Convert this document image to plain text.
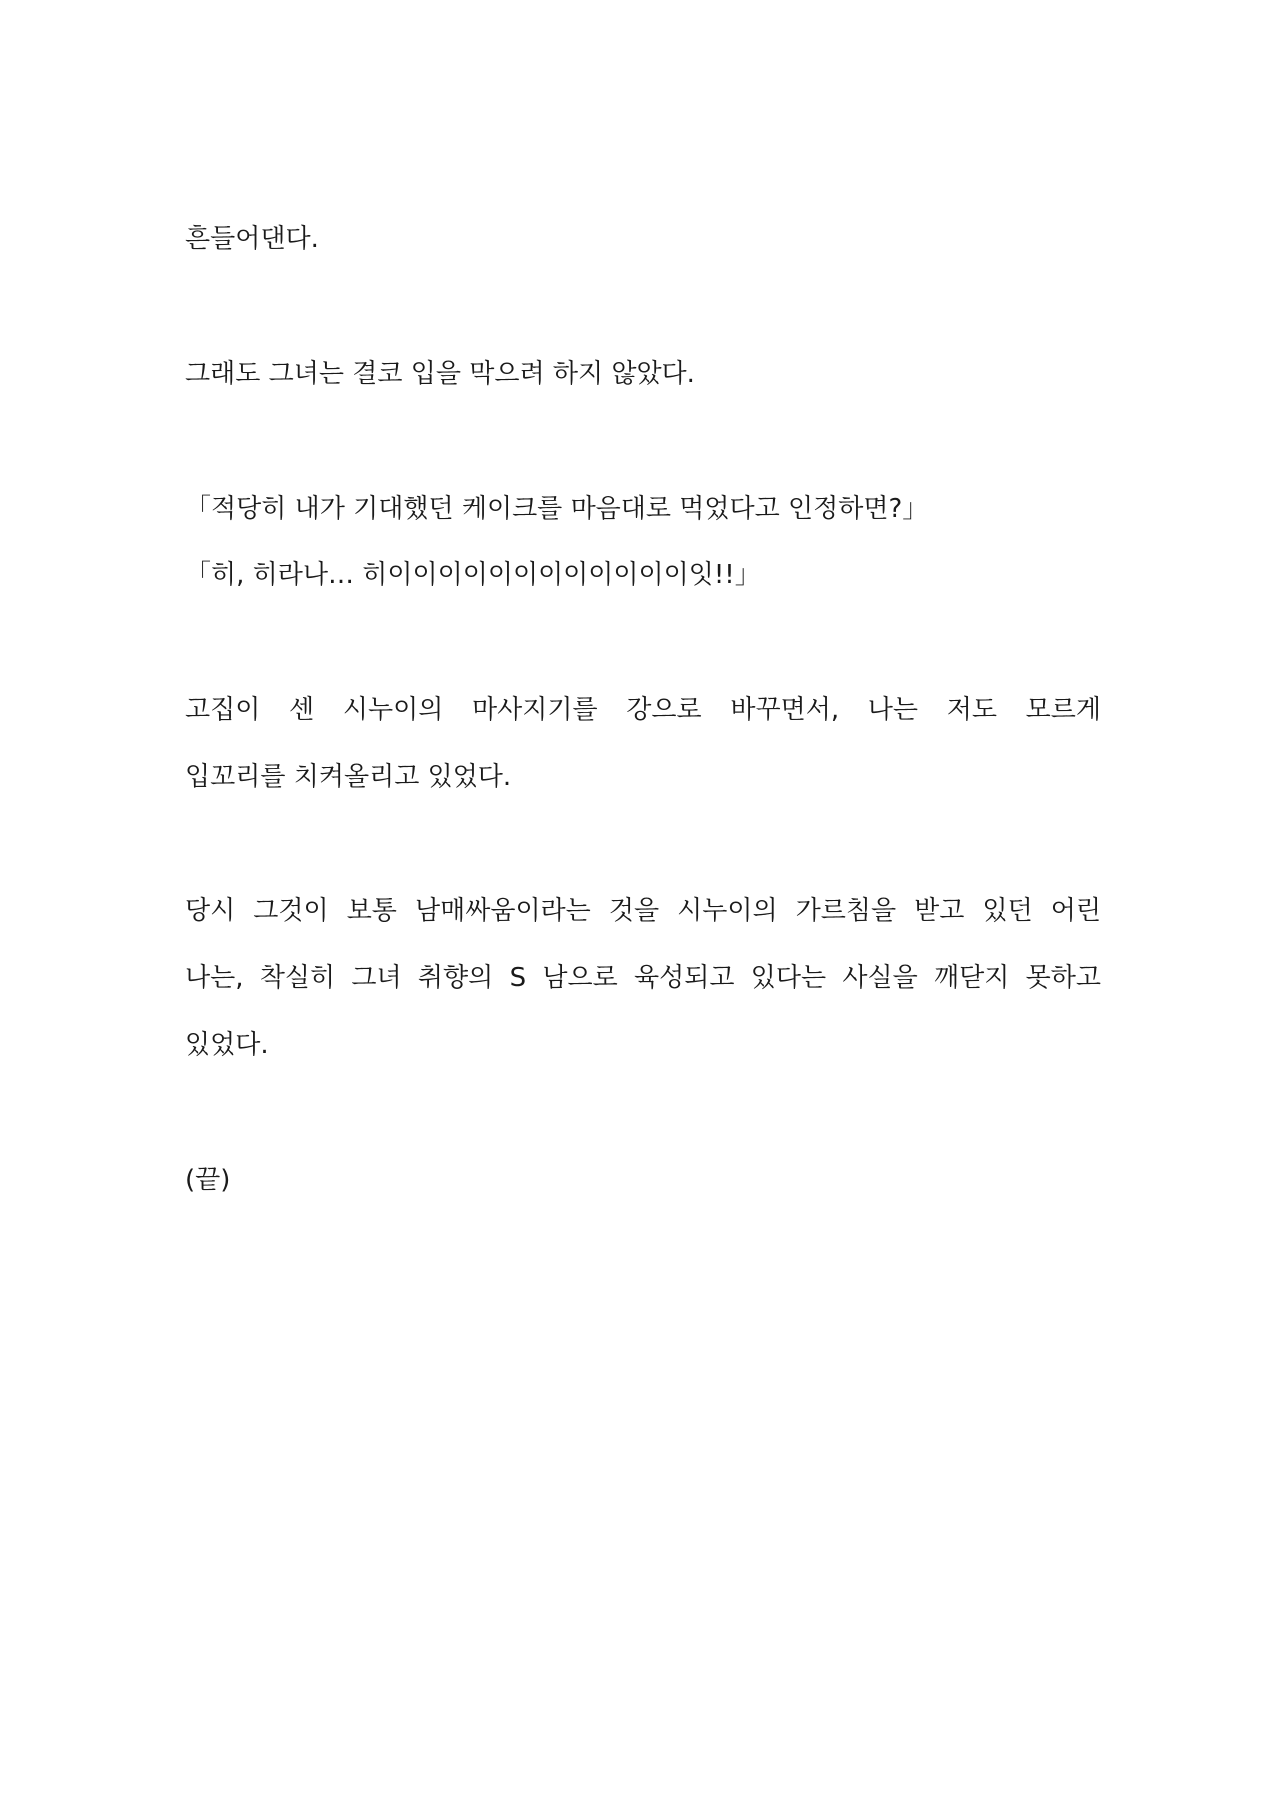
흔들어댄다.
그래도 그녀는 결코 입을 막으려 하지 않았다.
「적당히 내가 기대했던 케이크를 마음대로 먹었다고 인정하면?」
「히, 히라나… 히이이이이이이이이이이이이잇!!」
고집이 센 시누이의 마사지기를 강으로 바꾸면서, 나는 저도 모르게
입꼬리를 치켜올리고 있었다.
당시 그것이 보통 남매싸움이라는 것을 시누이의 가르침을 받고 있던 어린
나는, 착실히 그녀 취향의 S 남으로 육성되고 있다는 사실을 깨닫지 못하고
있었다.
(끝)
